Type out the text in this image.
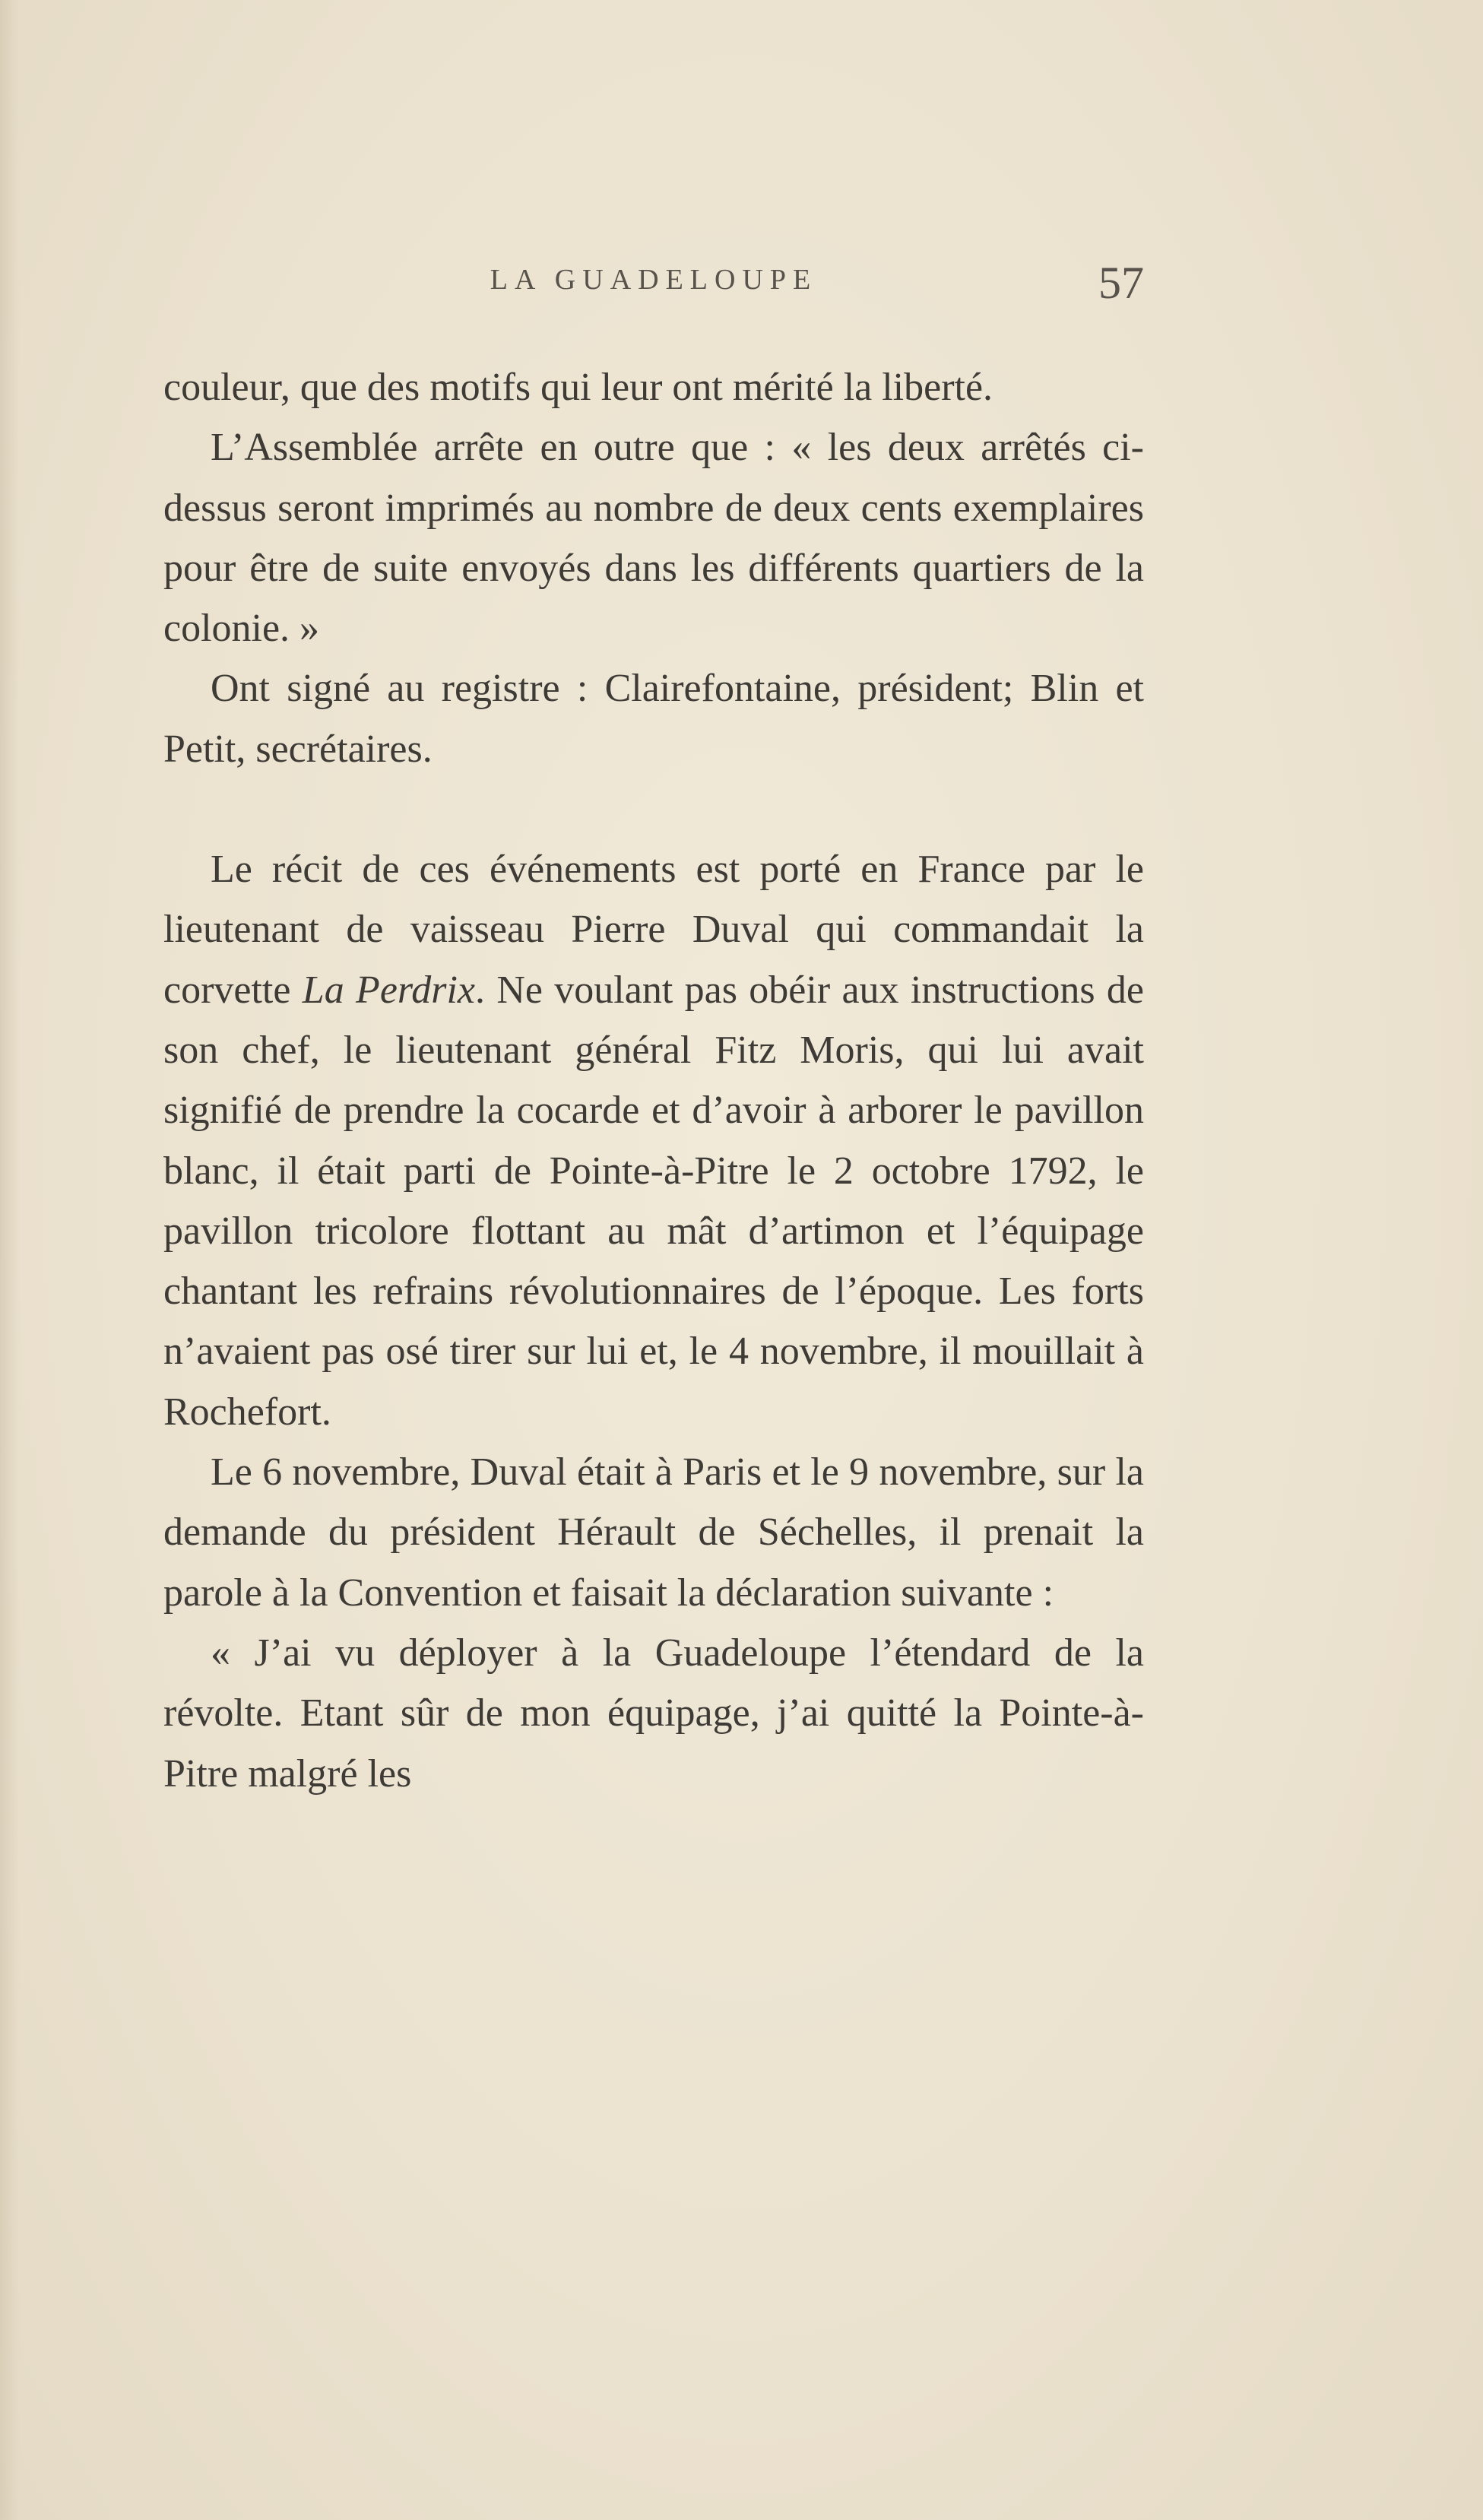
LA GUADELOUPE	57

couleur, que des motifs qui leur ont mérité la liberté.

L’Assemblée arrête en outre que : « les deux arrêtés ci-dessus seront imprimés au nombre de deux cents exemplaires pour être de suite envoyés dans les différents quartiers de la colonie. »

Ont signé au registre : Clairefontaine, président; Blin et Petit, secrétaires.

Le récit de ces événements est porté en France par le lieutenant de vaisseau Pierre Duval qui commandait la corvette La Perdrix. Ne voulant pas obéir aux instructions de son chef, le lieutenant général Fitz Moris, qui lui avait signifié de prendre la cocarde et d’avoir à arborer le pavillon blanc, il était parti de Pointe-à-Pitre le 2 octobre 1792, le pavillon tricolore flottant au mât d’artimon et l’équipage chantant les refrains révolutionnaires de l’époque. Les forts n’avaient pas osé tirer sur lui et, le 4 novembre, il mouillait à Rochefort.

Le 6 novembre, Duval était à Paris et le 9 novembre, sur la demande du président Hérault de Séchelles, il prenait la parole à la Convention et faisait la déclaration suivante :

« J’ai vu déployer à la Guadeloupe l’étendard de la révolte. Etant sûr de mon équipage, j’ai quitté la Pointe-à-Pitre malgré les
